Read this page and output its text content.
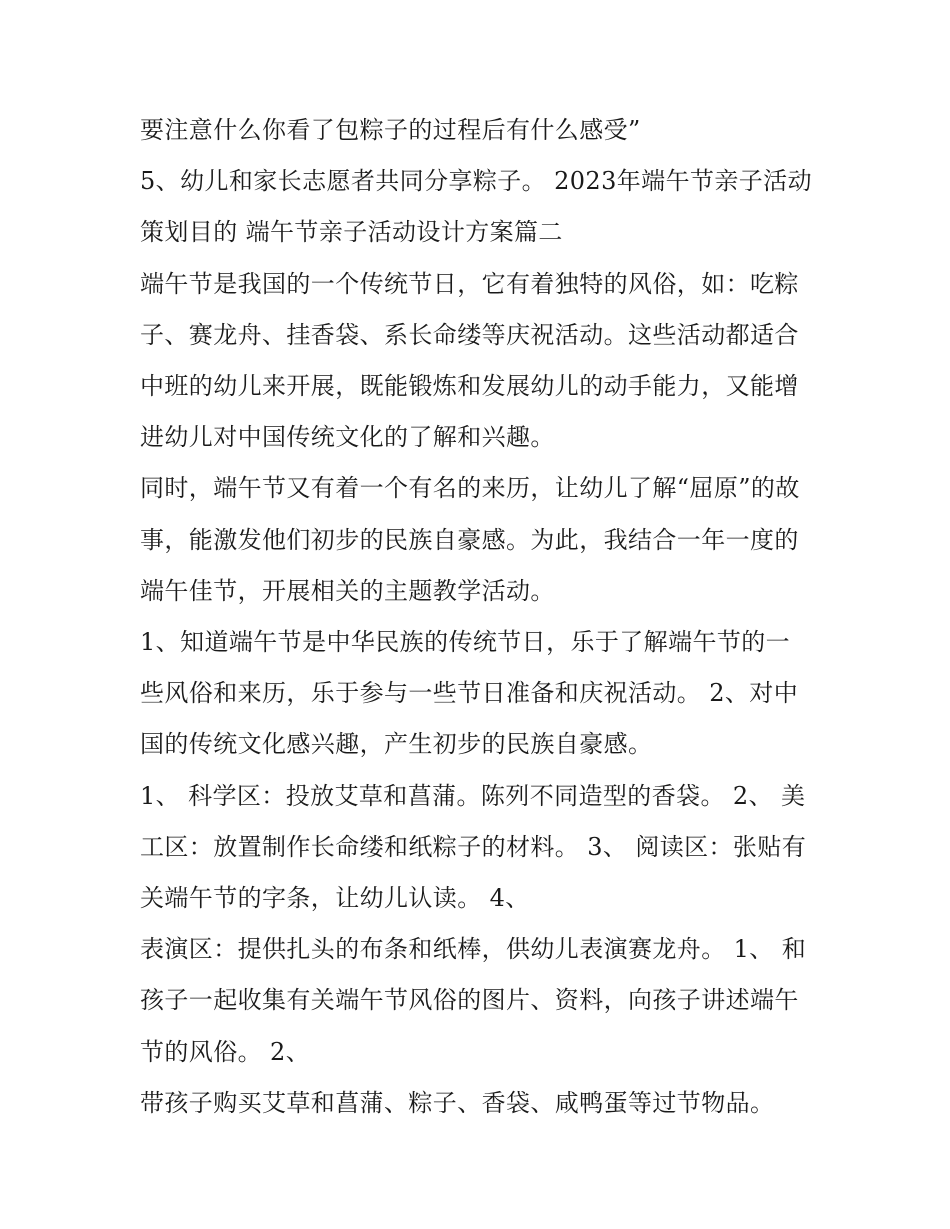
要注意什么你看了包粽子的过程后有什么感受”

5、幼儿和家长志愿者共同分享粽子。 2023年端午节亲子活动策划目的 端午节亲子活动设计方案篇二

端午节是我国的一个传统节日，它有着独特的风俗，如：吃粽子、赛龙舟、挂香袋、系长命缕等庆祝活动。这些活动都适合中班的幼儿来开展，既能锻炼和发展幼儿的动手能力，又能增进幼儿对中国传统文化的了解和兴趣。

同时，端午节又有着一个有名的来历，让幼儿了解“屈原”的故事，能激发他们初步的民族自豪感。为此，我结合一年一度的端午佳节，开展相关的主题教学活动。

1、知道端午节是中华民族的传统节日，乐于了解端午节的一些风俗和来历，乐于参与一些节日准备和庆祝活动。 2、对中国的传统文化感兴趣，产生初步的民族自豪感。

1、 科学区：投放艾草和菖蒲。陈列不同造型的香袋。 2、 美工区：放置制作长命缕和纸粽子的材料。 3、 阅读区：张贴有关端午节的字条，让幼儿认读。 4、

表演区：提供扎头的布条和纸棒，供幼儿表演赛龙舟。 1、 和孩子一起收集有关端午节风俗的图片、资料，向孩子讲述端午节的风俗。 2、

带孩子购买艾草和菖蒲、粽子、香袋、咸鸭蛋等过节物品。
